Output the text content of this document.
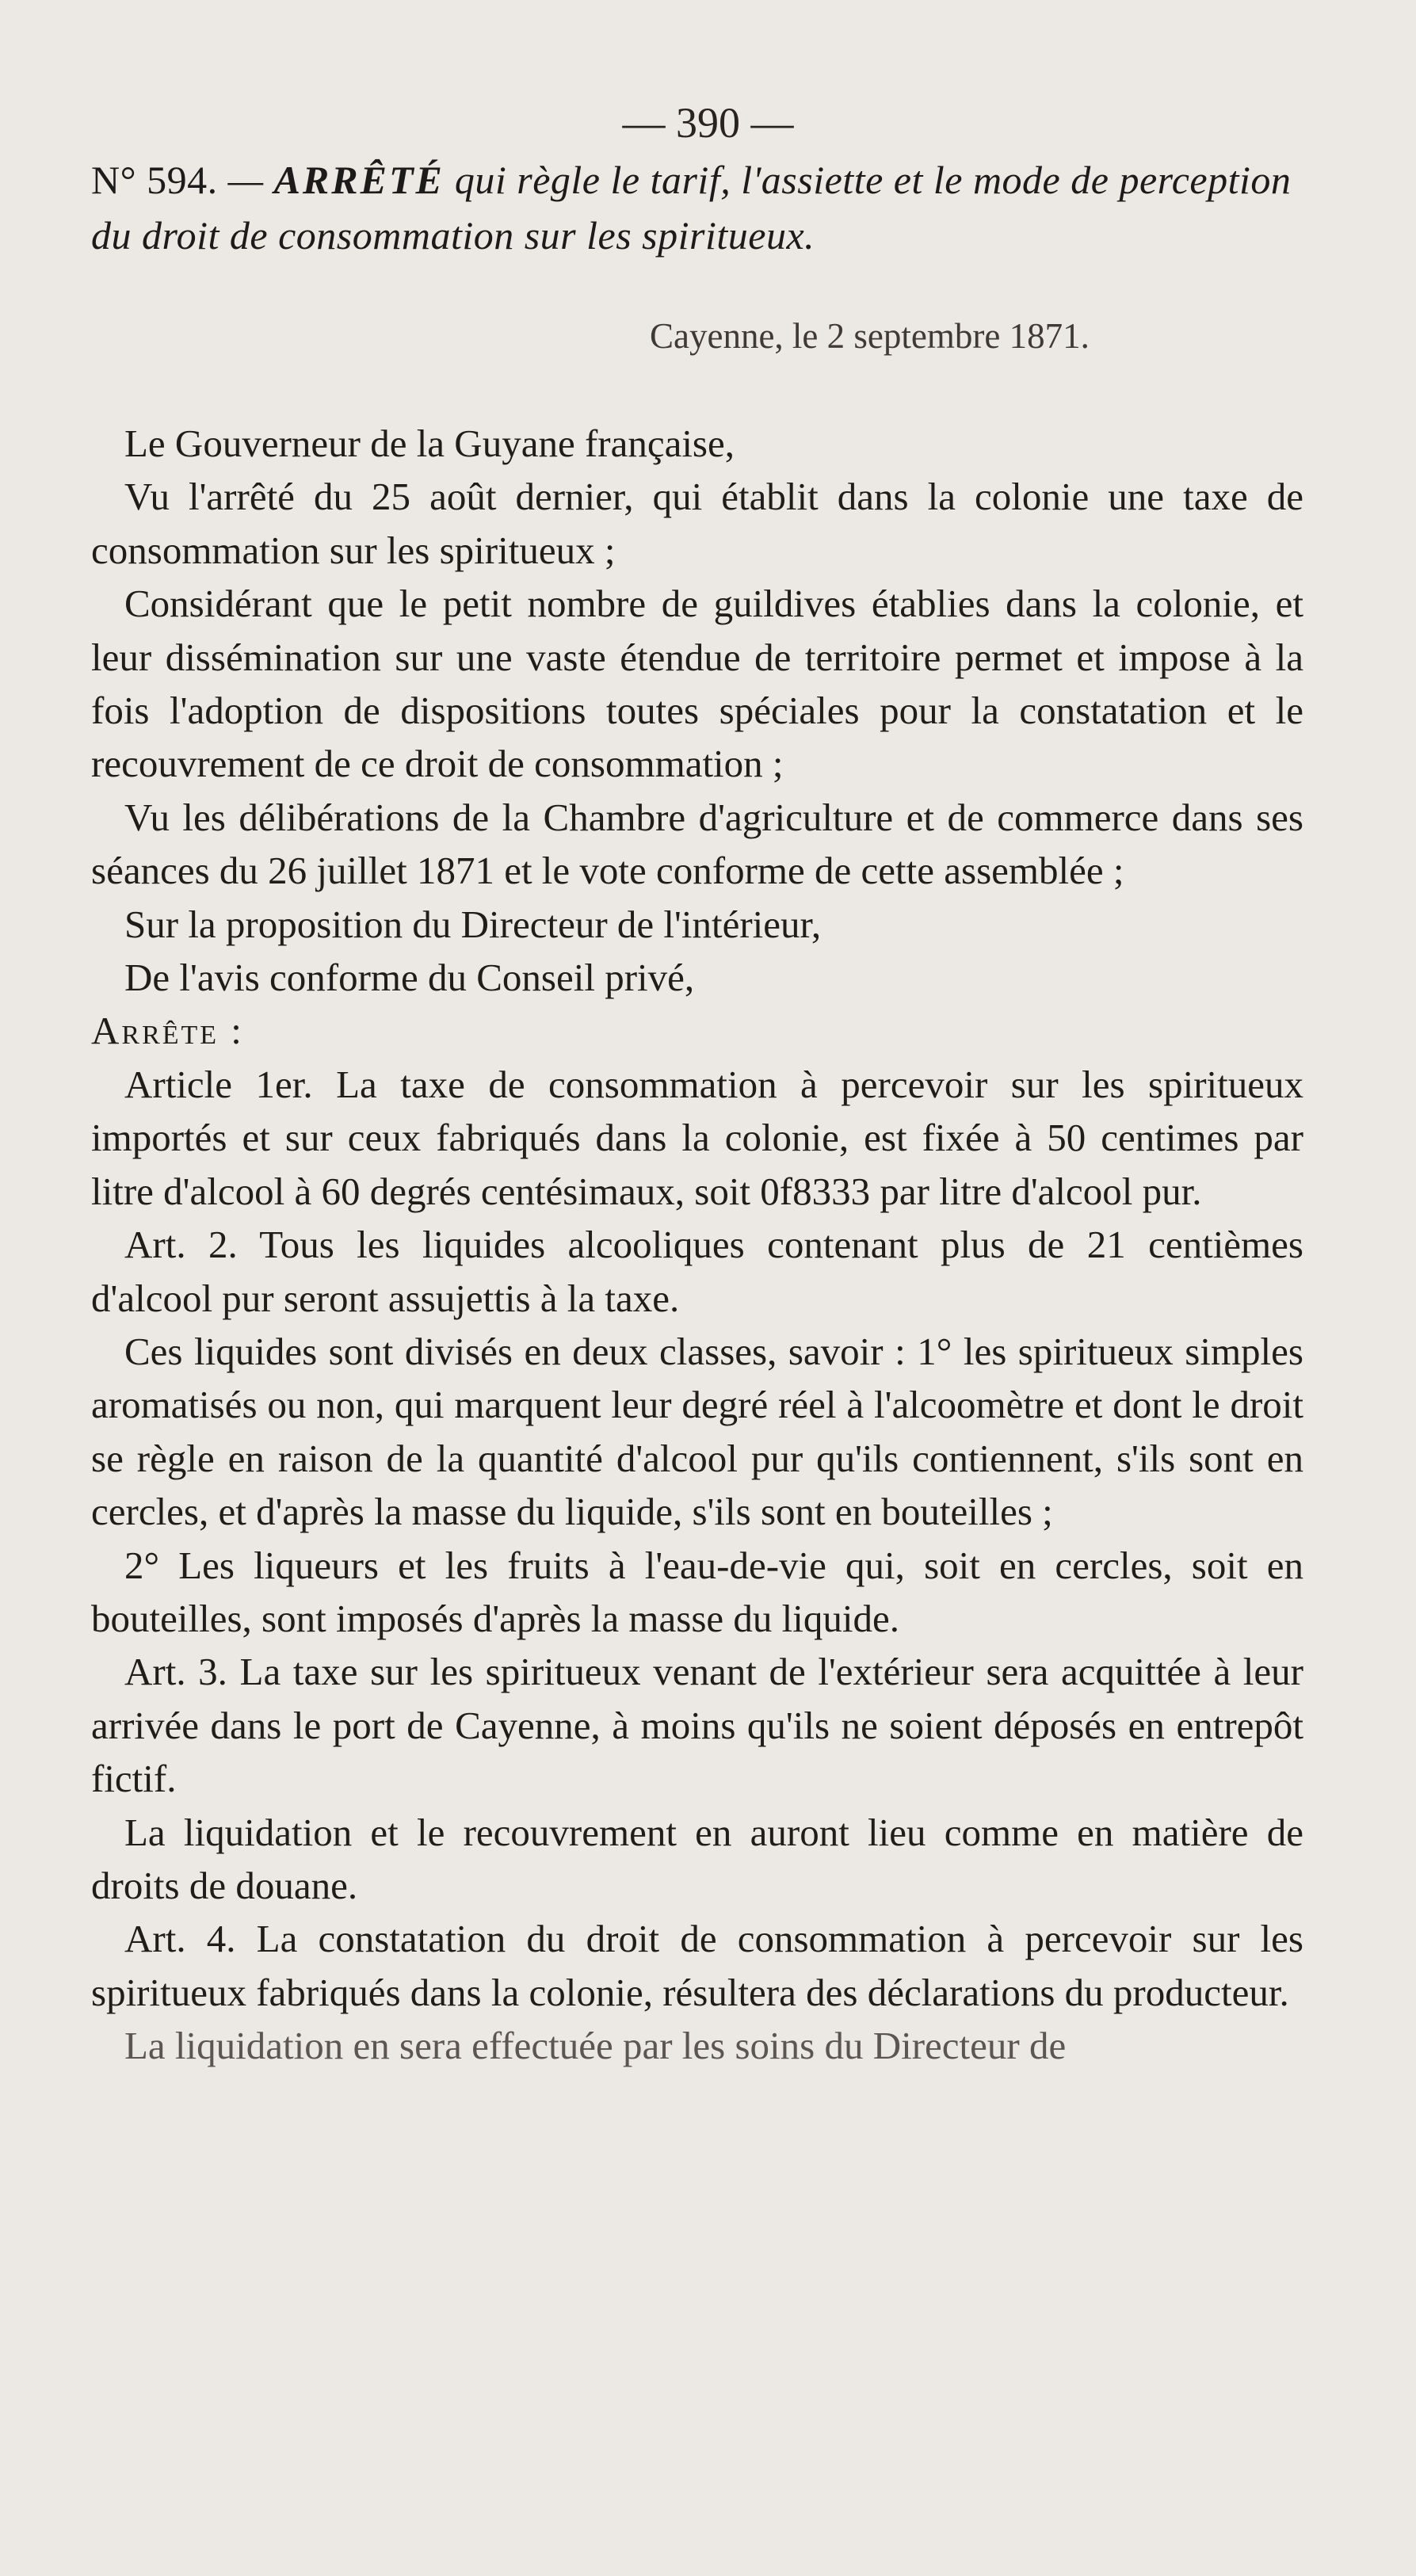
— 390 —
N° 594. — ARRÊTÉ qui règle le tarif, l'assiette et le mode de perception du droit de consommation sur les spiritueux.
Cayenne, le 2 septembre 1871.

Le Gouverneur de la Guyane française,

Vu l'arrêté du 25 août dernier, qui établit dans la colonie une taxe de consommation sur les spiritueux ;

Considérant que le petit nombre de guildives établies dans la colonie, et leur dissémination sur une vaste étendue de territoire permet et impose à la fois l'adoption de dispositions toutes spéciales pour la constatation et le recouvrement de ce droit de consommation ;

Vu les délibérations de la Chambre d'agriculture et de commerce dans ses séances du 26 juillet 1871 et le vote conforme de cette assemblée ;

Sur la proposition du Directeur de l'intérieur,

De l'avis conforme du Conseil privé,

Arrête :

Article 1er. La taxe de consommation à percevoir sur les spiritueux importés et sur ceux fabriqués dans la colonie, est fixée à 50 centimes par litre d'alcool à 60 degrés centésimaux, soit 0f8333 par litre d'alcool pur.

Art. 2. Tous les liquides alcooliques contenant plus de 21 centièmes d'alcool pur seront assujettis à la taxe.

Ces liquides sont divisés en deux classes, savoir : 1° les spiritueux simples aromatisés ou non, qui marquent leur degré réel à l'alcoomètre et dont le droit se règle en raison de la quantité d'alcool pur qu'ils contiennent, s'ils sont en cercles, et d'après la masse du liquide, s'ils sont en bouteilles ;

2° Les liqueurs et les fruits à l'eau-de-vie qui, soit en cercles, soit en bouteilles, sont imposés d'après la masse du liquide.

Art. 3. La taxe sur les spiritueux venant de l'extérieur sera acquittée à leur arrivée dans le port de Cayenne, à moins qu'ils ne soient déposés en entrepôt fictif.

La liquidation et le recouvrement en auront lieu comme en matière de droits de douane.

Art. 4. La constatation du droit de consommation à percevoir sur les spiritueux fabriqués dans la colonie, résultera des déclarations du producteur.

La liquidation en sera effectuée par les soins du Directeur de
